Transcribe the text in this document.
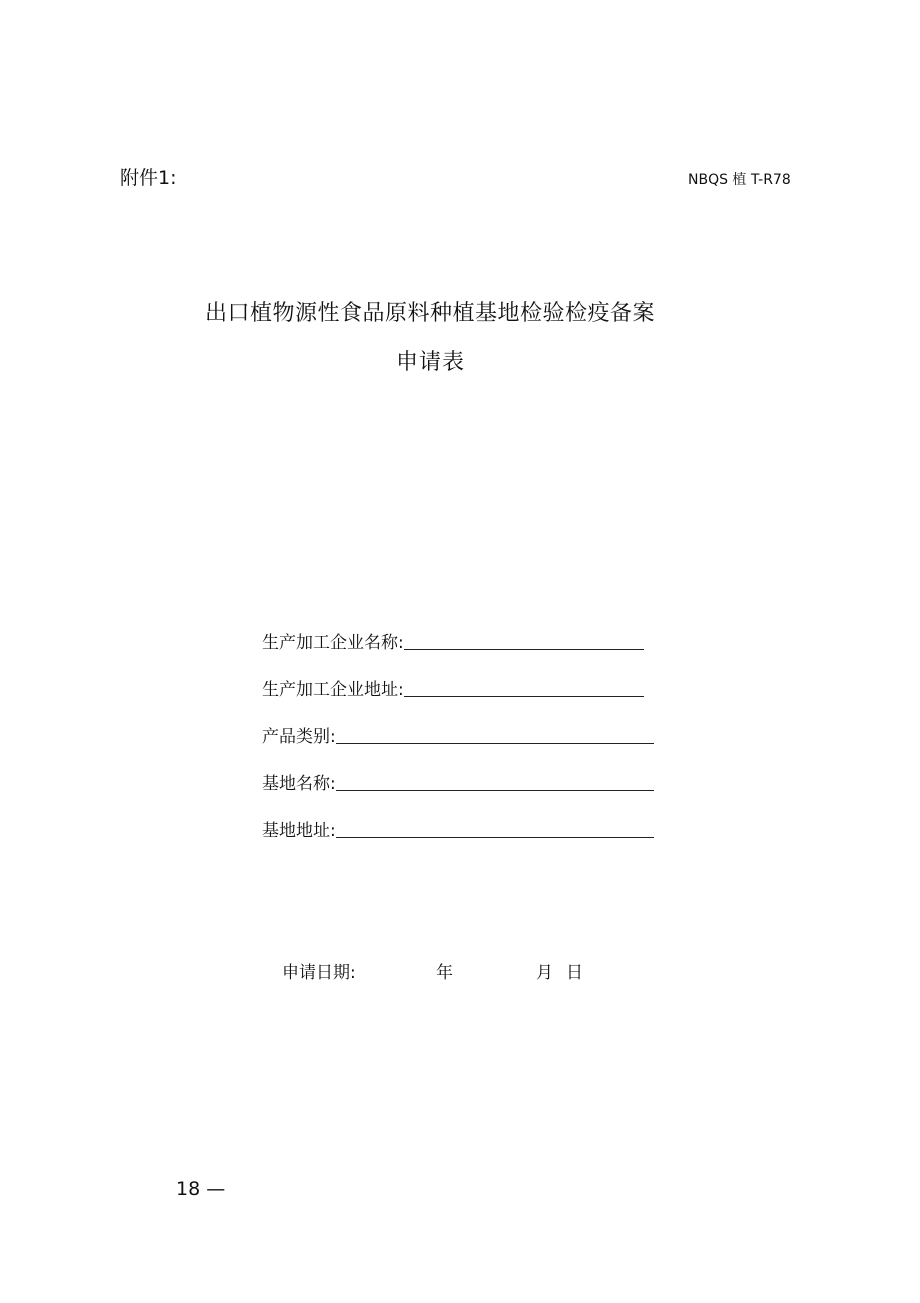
附件1:	NBQS 植 T-R78
出口植物源性食品原料种植基地检验检疫备案
申请表
生产加工企业名称:
生产加工企业地址:
产品类别:
基地名称:
基地地址:
申请日期:	年	月 日
18 —
